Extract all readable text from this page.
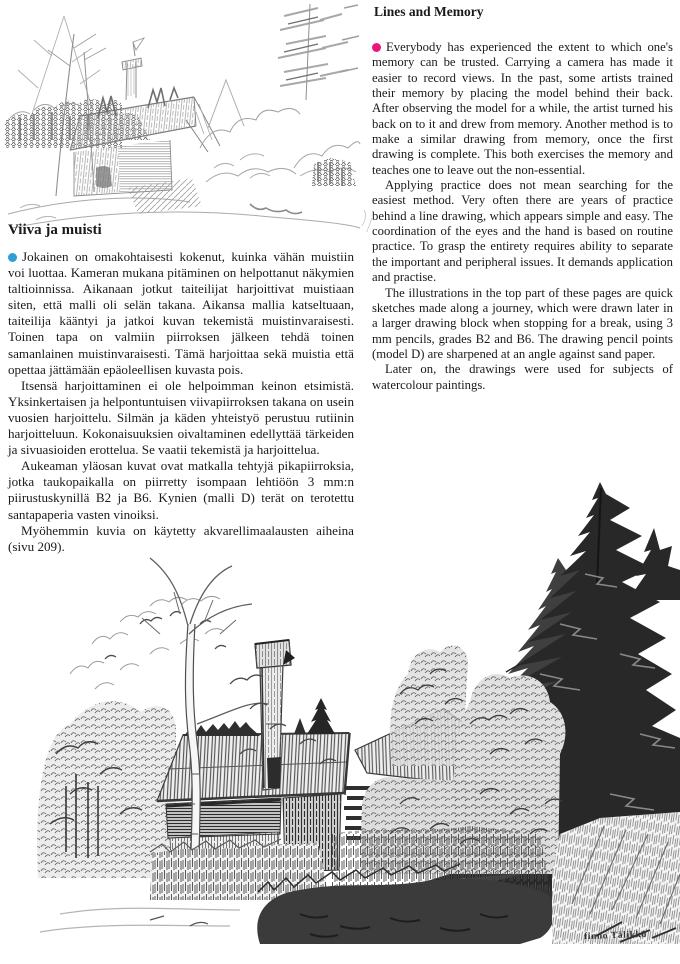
Viiva ja muisti

Jokainen on omakohtaisesti kokenut, kuinka vähän muistiin voi luottaa. Kameran mukana pitäminen on helpottanut näkymien taltioinnissa. Aikanaan jotkut taiteilijat harjoittivat muistiaan siten, että malli oli selän takana. Aikansa mallia katseltuaan, taiteilija kääntyi ja jatkoi kuvan tekemistä muistinvaraisesti. Toinen tapa on valmiin piirroksen jälkeen tehdä toinen samanlainen muistinvaraisesti. Tämä harjoittaa sekä muistia että opettaa jättämään epäoleellisen kuvasta pois.

Itsensä harjoittaminen ei ole helpoimman keinon etsimistä. Yksinkertaisen ja helpontuntuisen viivapiirroksen takana on usein vuosien harjoittelu. Silmän ja käden yhteistyö perustuu rutiinin harjoitteluun. Kokonaisuuksien oivaltaminen edellyttää tärkeiden ja sivuasioiden erottelua. Se vaatii tekemistä ja harjoittelua.

Aukeaman yläosan kuvat ovat matkalla tehtyjä pikapiirroksia, jotka taukopaikalla on piirretty isompaan lehtiöön 3 mm:n piirustuskynillä B2 ja B6. Kynien (malli D) terät on terotettu santapaperia vasten vinoiksi.

Myöhemmin kuvia on käytetty akvarellimaalausten aiheina (sivu 209).

Lines and Memory

Everybody has experienced the extent to which one's memory can be trusted. Carrying a camera has made it easier to record views. In the past, some artists trained their memory by placing the model behind their back. After observing the model for a while, the artist turned his back on to it and drew from memory. Another method is to make a similar drawing from memory, once the first drawing is complete. This both exercises the memory and teaches one to leave out the non-essential.

Applying practice does not mean searching for the easiest method. Very often there are years of practice behind a line drawing, which appears simple and easy. The coordination of the eyes and the hand is based on routine practice. To grasp the entirety requires ability to separate the important and peripheral issues. It demands application and practise.

The illustrations in the top part of these pages are quick sketches made along a journey, which were drawn later in a larger drawing block when stopping for a break, using 3 mm pencils, grades B2 and B6. The drawing pencil points (model D) are sharpened at an angle against sand paper.

Later on, the drawings were used for subjects of watercolour paintings.

finno Tälikkö
